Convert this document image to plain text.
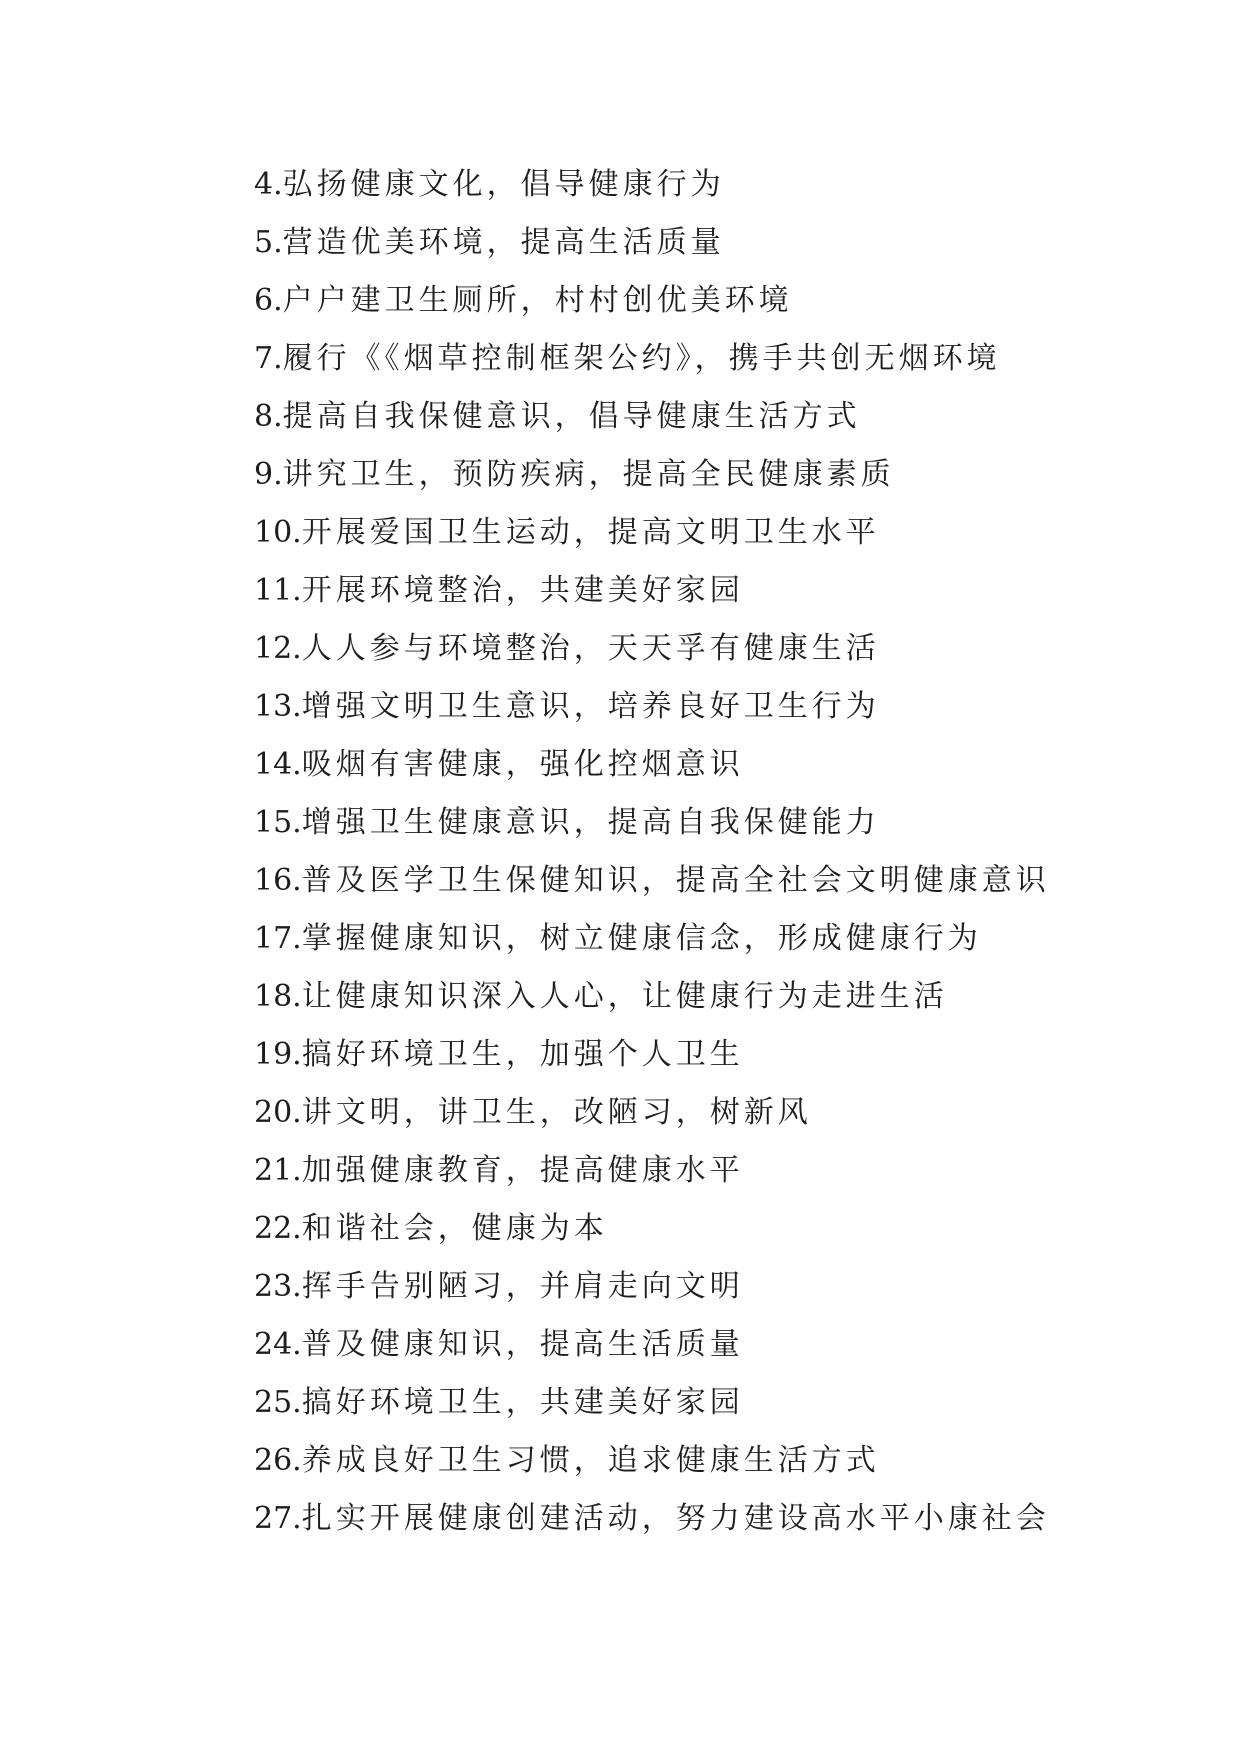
4.弘扬健康文化，倡导健康行为
5.营造优美环境，提高生活质量
6.户户建卫生厕所，村村创优美环境
7.履行《《烟草控制框架公约》，携手共创无烟环境
8.提高自我保健意识，倡导健康生活方式
9.讲究卫生，预防疾病，提高全民健康素质
10.开展爱国卫生运动，提高文明卫生水平
11.开展环境整治，共建美好家园
12.人人参与环境整治，天天孚有健康生活
13.增强文明卫生意识，培养良好卫生行为
14.吸烟有害健康，强化控烟意识
15.增强卫生健康意识，提高自我保健能力
16.普及医学卫生保健知识，提高全社会文明健康意识
17.掌握健康知识，树立健康信念，形成健康行为
18.让健康知识深入人心，让健康行为走进生活
19.搞好环境卫生，加强个人卫生
20.讲文明，讲卫生，改陋习，树新风
21.加强健康教育，提高健康水平
22.和谐社会，健康为本
23.挥手告别陋习，并肩走向文明
24.普及健康知识，提高生活质量
25.搞好环境卫生，共建美好家园
26.养成良好卫生习惯，追求健康生活方式
27.扎实开展健康创建活动，努力建设高水平小康社会
